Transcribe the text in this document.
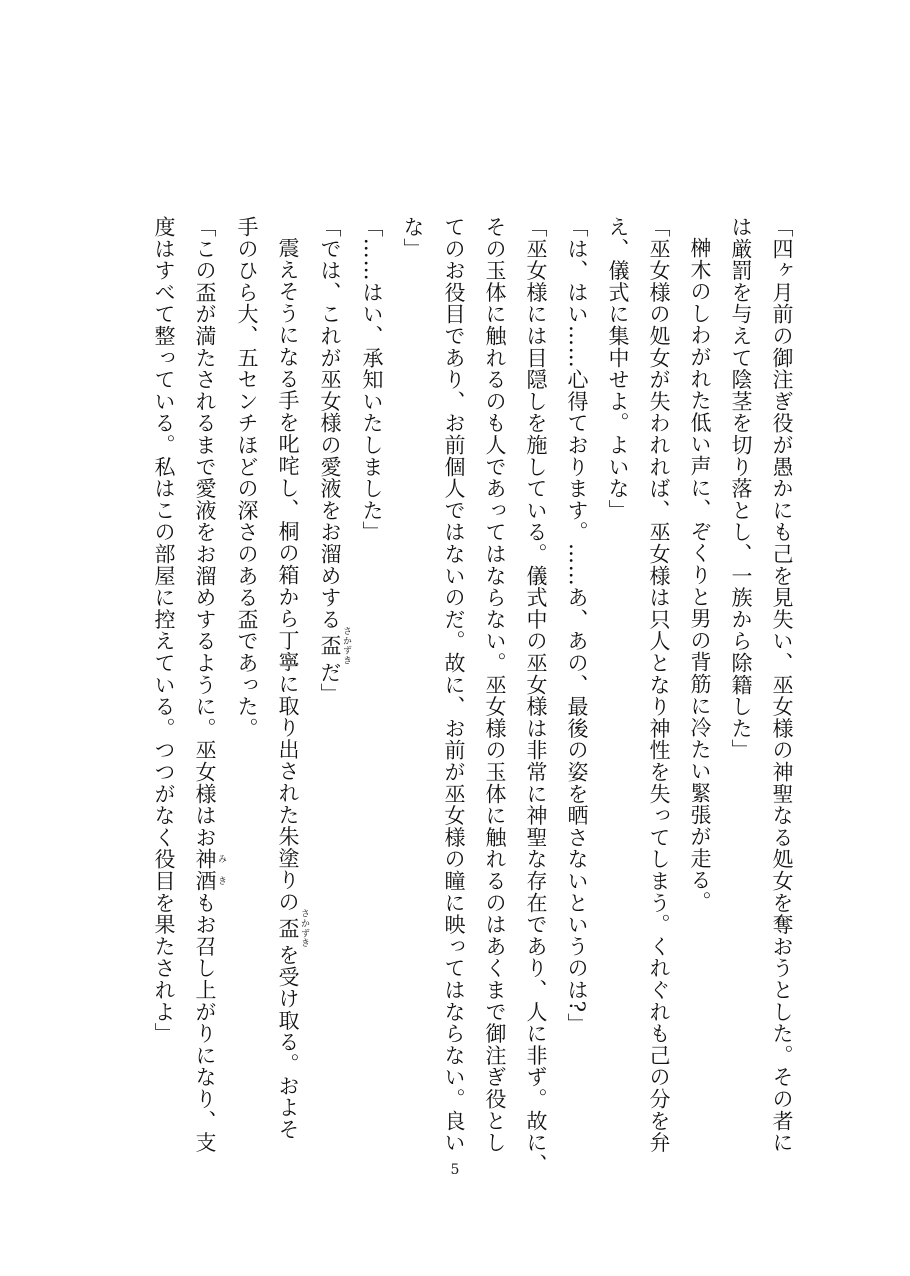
「四ヶ月前の御注ぎ役が愚かにも己を見失い、巫女様の神聖なる処女を奪おうとした。その者に
は厳罰を与えて陰茎を切り落とし、一族から除籍した」
榊木のしわがれた低い声に、ぞくりと男の背筋に冷たい緊張が走る。
「巫女様の処女が失われれば、巫女様は只人となり神性を失ってしまう。くれぐれも己の分を弁
え、儀式に集中せよ。よいな」
「は、はい……心得ております。……あ、あの、最後の姿を晒さないというのは?」
「巫女様には目隠しを施している。儀式中の巫女様は非常に神聖な存在であり、人に非ず。故に、
その玉体に触れるのも人であってはならない。巫女様の玉体に触れるのはあくまで御注ぎ役とし
てのお役目であり、お前個人ではないのだ。故に、お前が巫女様の瞳に映ってはならない。良い
な」
「……はい、承知いたしました」
「では、これが巫女様の愛液をお溜めする盃 さかずきだ」
震えそうになる手を叱咤し、桐の箱から丁寧に取り出された朱塗りの盃 さかずきを受け取る。およそ
手のひら大、五センチほどの深さのある盃であった。
「この盃が満たされるまで愛液をお溜めするように。巫女様はお神酒 みきもお召し上がりになり、支
度はすべて整っている。私はこの部屋に控えている。つつがなく役目を果たされよ」
5
